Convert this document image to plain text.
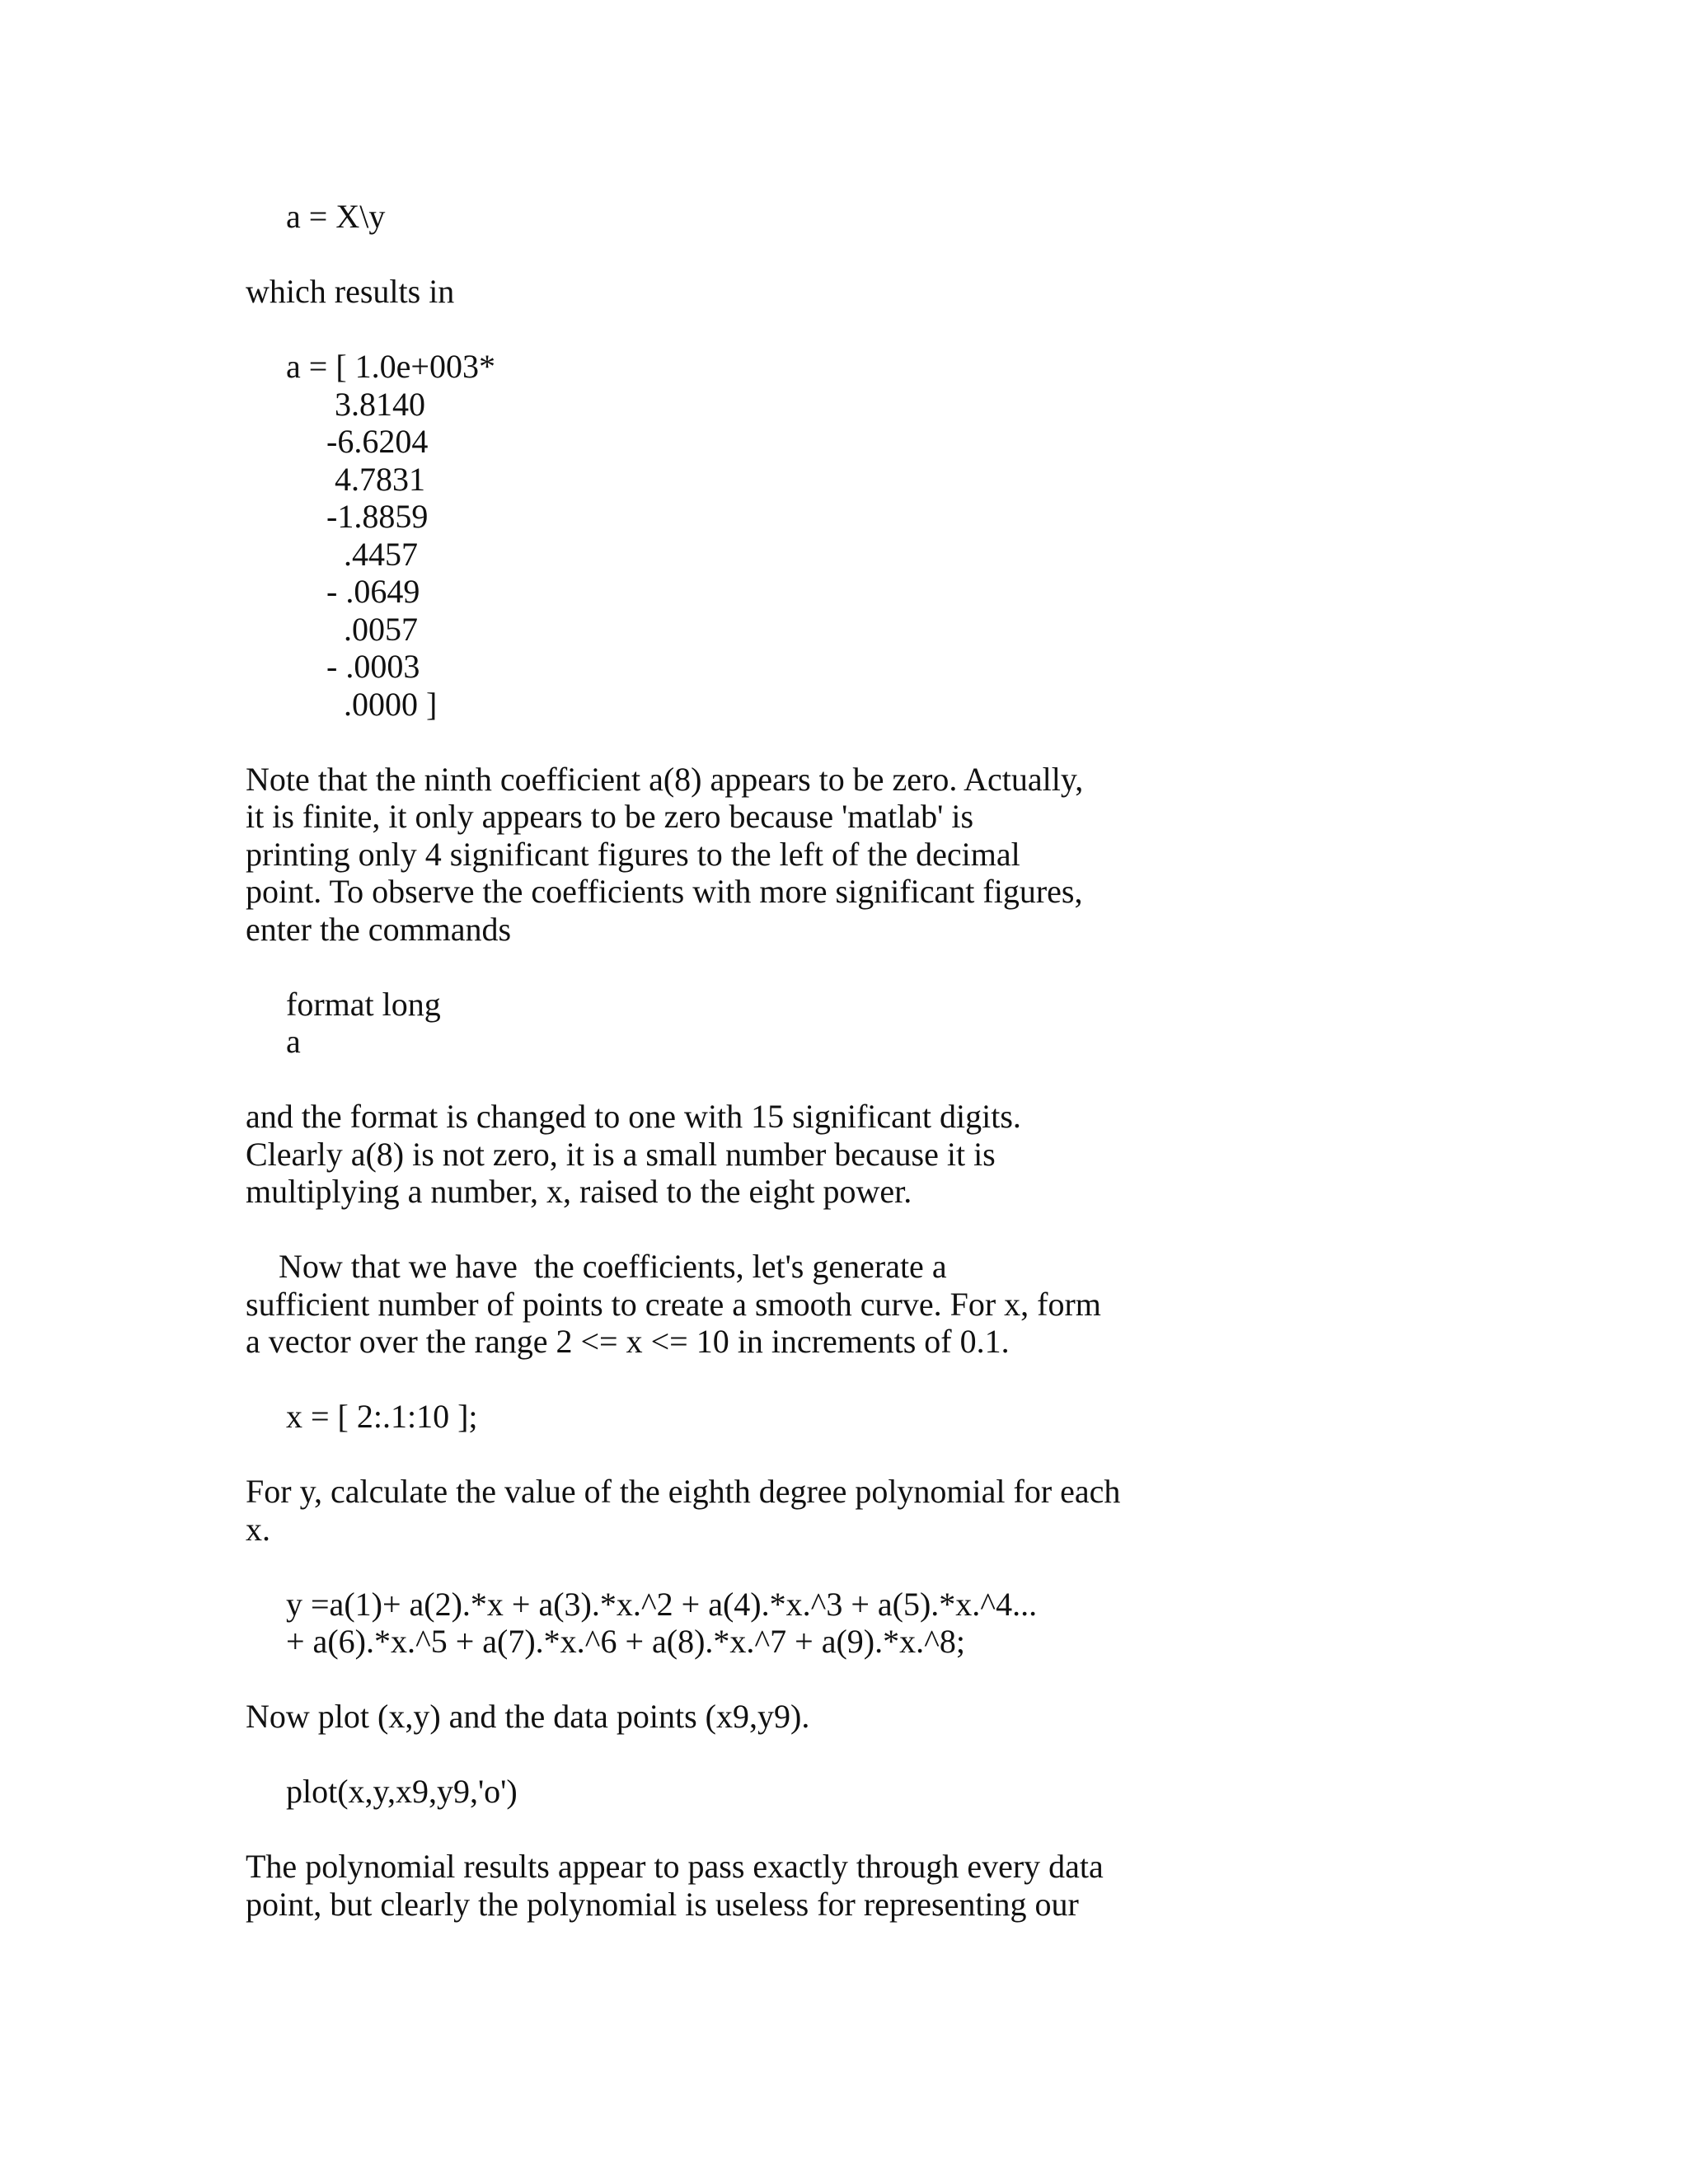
a = X\y

which results in

a = [ 1.0e+003*

3.8140

-6.6204

4.7831

-1.8859

.4457

- .0649

.0057

- .0003

.0000 ]

Note that the ninth coefficient a(8) appears to be zero. Actually,

it is finite, it only appears to be zero because 'matlab' is

printing only 4 significant figures to the left of the decimal

point. To observe the coefficients with more significant figures,

enter the commands

format long

a

and the format is changed to one with 15 significant digits.

Clearly a(8) is not zero, it is a small number because it is

multiplying a number, x, raised to the eight power.

Now that we have  the coefficients, let's generate a

sufficient number of points to create a smooth curve. For x, form

a vector over the range 2 <= x <= 10 in increments of 0.1.

x = [ 2:.1:10 ];

For y, calculate the value of the eighth degree polynomial for each

x.

y =a(1)+ a(2).*x + a(3).*x.^2 + a(4).*x.^3 + a(5).*x.^4...

+ a(6).*x.^5 + a(7).*x.^6 + a(8).*x.^7 + a(9).*x.^8;

Now plot (x,y) and the data points (x9,y9).

plot(x,y,x9,y9,'o')

The polynomial results appear to pass exactly through every data

point, but clearly the polynomial is useless for representing our
